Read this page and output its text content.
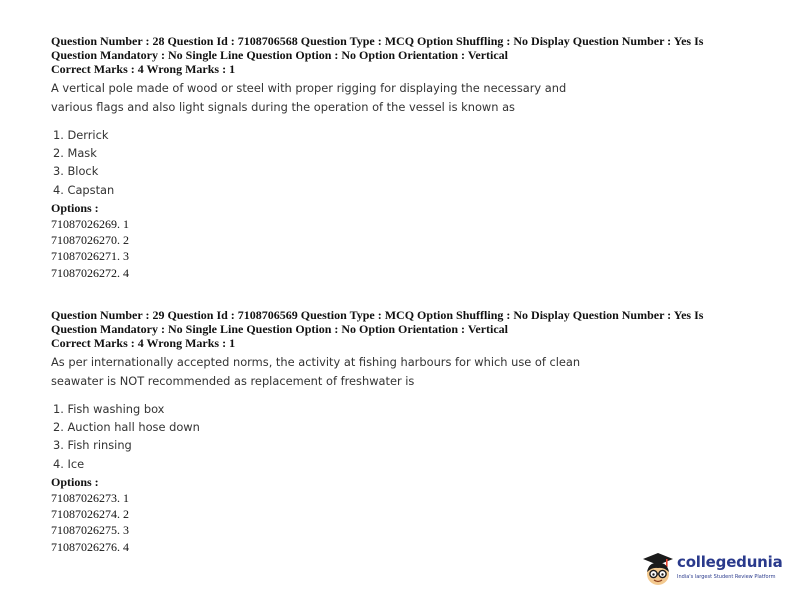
Question Number : 28 Question Id : 7108706568 Question Type : MCQ Option Shuffling : No Display Question Number : Yes Is
Question Mandatory : No Single Line Question Option : No Option Orientation : Vertical
Correct Marks : 4 Wrong Marks : 1
A vertical pole made of wood or steel with proper rigging for displaying the necessary and
various flags and also light signals during the operation of the vessel is known as
1. Derrick
2. Mask
3. Block
4. Capstan
Options :
71087026269. 1
71087026270. 2
71087026271. 3
71087026272. 4
Question Number : 29 Question Id : 7108706569 Question Type : MCQ Option Shuffling : No Display Question Number : Yes Is
Question Mandatory : No Single Line Question Option : No Option Orientation : Vertical
Correct Marks : 4 Wrong Marks : 1
As per internationally accepted norms, the activity at fishing harbours for which use of clean
seawater is NOT recommended as replacement of freshwater is
1. Fish washing box
2. Auction hall hose down
3. Fish rinsing
4. Ice
Options :
71087026273. 1
71087026274. 2
71087026275. 3
71087026276. 4
collegedunia
India's largest Student Review Platform
